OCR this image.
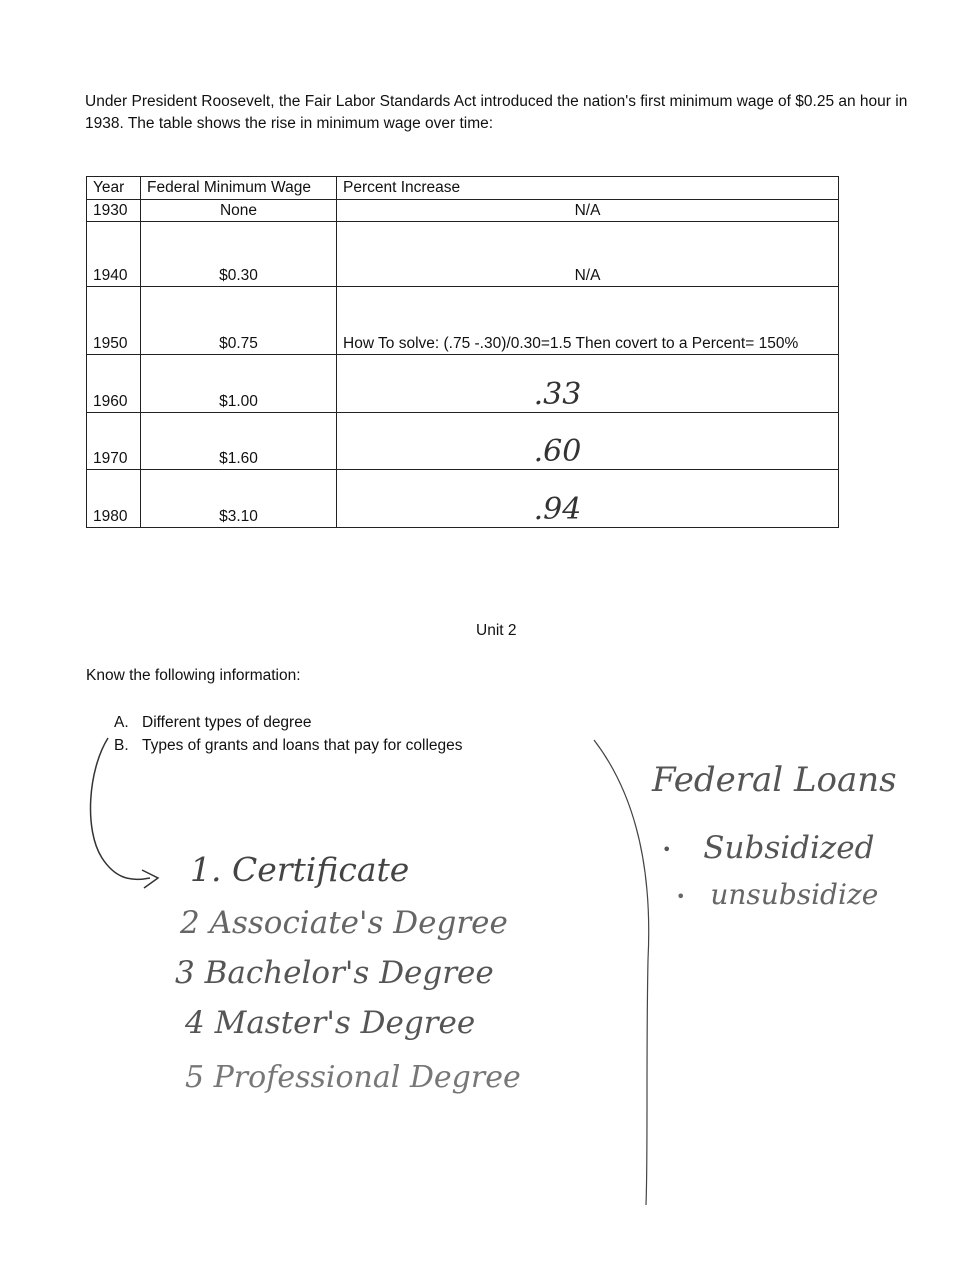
Under President Roosevelt, the Fair Labor Standards Act introduced the nation's first minimum wage of $0.25 an hour in 1938. The table shows the rise in minimum wage over time:
Year	Federal Minimum Wage	Percent Increase
1930	None	N/A
1940	$0.30	N/A
1950	$0.75	How To solve: (.75 -.30)/0.30=1.5 Then covert to a Percent= 150%
1960	$1.00	.33
1970	$1.60	.60
1980	$3.10	.94
Unit 2
Know the following information:
A. Different types of degree
B. Types of grants and loans that pay for colleges
1. Certificate
2 Associate's Degree
3 Bachelor's Degree
4 Master's Degree
5 Professional Degree
Federal Loans
• Subsidized
• unsubsidize
